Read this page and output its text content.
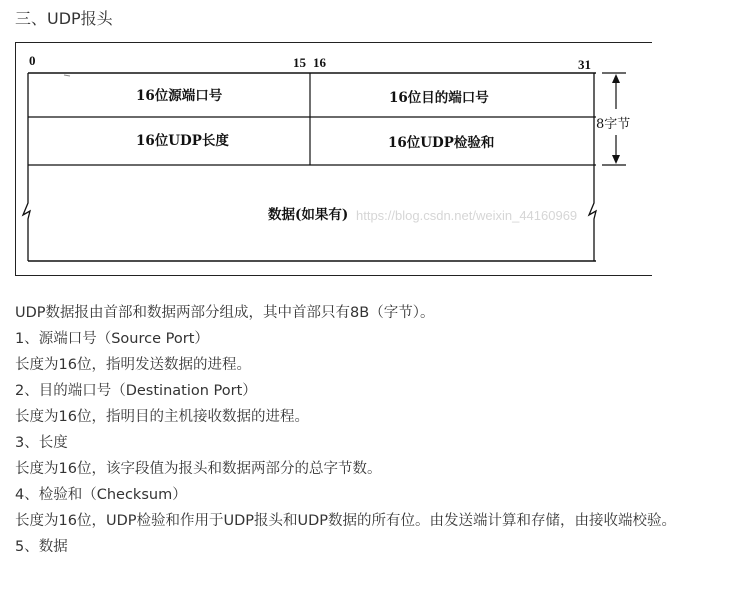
三、UDP报头
0	15 16	31
8字节
16位源端口号	16位目的端口号
16位UDP长度	16位UDP检验和
数据(如果有) https://blog.csdn.net/weixin_44160969

UDP数据报由首部和数据两部分组成，其中首部只有8B（字节）。

1、源端口号（Source Port）

长度为16位，指明发送数据的进程。

2、目的端口号（Destination Port）

长度为16位，指明目的主机接收数据的进程。

3、长度

长度为16位，该字段值为报头和数据两部分的总字节数。

4、检验和（Checksum）

长度为16位，UDP检验和作用于UDP报头和UDP数据的所有位。由发送端计算和存储，由接收端校验。

5、数据
